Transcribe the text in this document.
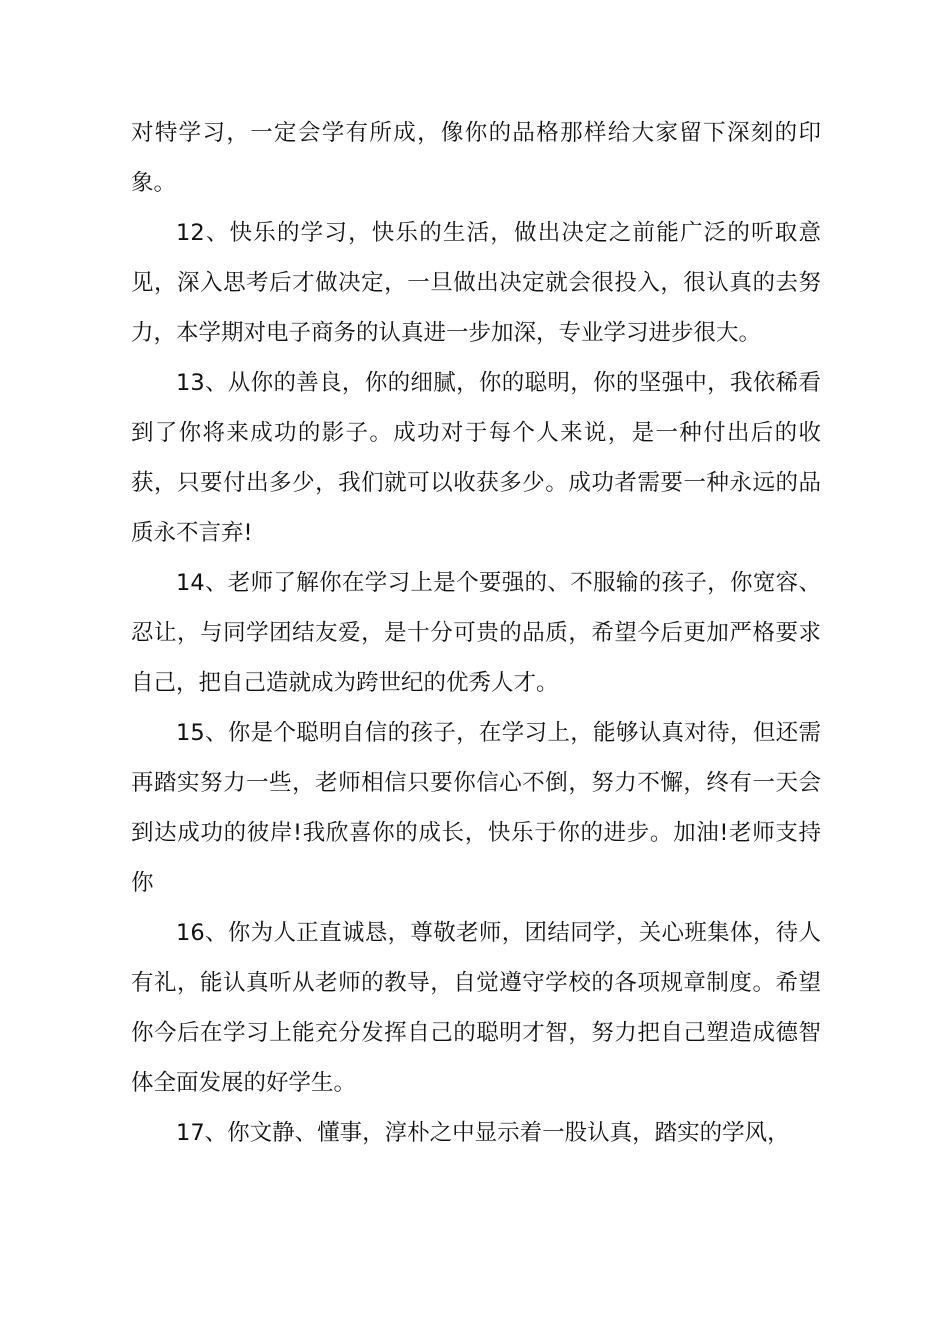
对特学习，一定会学有所成，像你的品格那样给大家留下深刻的印象。

12、快乐的学习，快乐的生活，做出决定之前能广泛的听取意见，深入思考后才做决定，一旦做出决定就会很投入，很认真的去努力，本学期对电子商务的认真进一步加深，专业学习进步很大。

13、从你的善良，你的细腻，你的聪明，你的坚强中，我依稀看到了你将来成功的影子。成功对于每个人来说，是一种付出后的收获，只要付出多少，我们就可以收获多少。成功者需要一种永远的品质永不言弃!

14、老师了解你在学习上是个要强的、不服输的孩子，你宽容、忍让，与同学团结友爱，是十分可贵的品质，希望今后更加严格要求自己，把自己造就成为跨世纪的优秀人才。

15、你是个聪明自信的孩子，在学习上，能够认真对待，但还需再踏实努力一些，老师相信只要你信心不倒，努力不懈，终有一天会到达成功的彼岸!我欣喜你的成长，快乐于你的进步。加油!老师支持你

16、你为人正直诚恳，尊敬老师，团结同学，关心班集体，待人有礼，能认真听从老师的教导，自觉遵守学校的各项规章制度。希望你今后在学习上能充分发挥自己的聪明才智，努力把自己塑造成德智体全面发展的好学生。

17、你文静、懂事，淳朴之中显示着一股认真，踏实的学风，
